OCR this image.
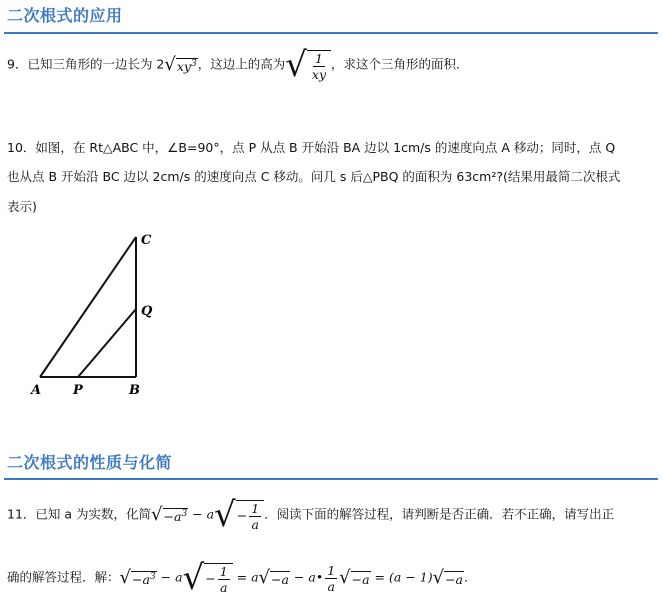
二次根式的应用
9．已知三角形的一边长为 2 √ $xy^3$ ，这边上的高为 √ $\frac{1}{xy}$ ，求这个三角形的面积.
10．如图，在 Rt△ABC 中，∠B=90°，点 P 从点 B 开始沿 BA 边以 1cm/s 的速度向点 A 移动；同时，点 Q
也从点 B 开始沿 BC 边以 2cm/s 的速度向点 C 移动。问几 s 后△PBQ 的面积为 63cm²?(结果用最简二次根式
表示)
A P	B
Q
C
二次根式的性质与化简
11．已知 a 为实数，化简 √ $-a^3 - a$ √ − $\frac{1}{a}$ ．阅读下面的解答过程，请判断是否正确．若不正确，请写出正
确的解答过程．解： √ $-a^3 - a$ √ − $\frac{1}{a} = a$ √ −a − a• $\frac{1}{a}$ √ −a = (a − 1) √ −a ．
